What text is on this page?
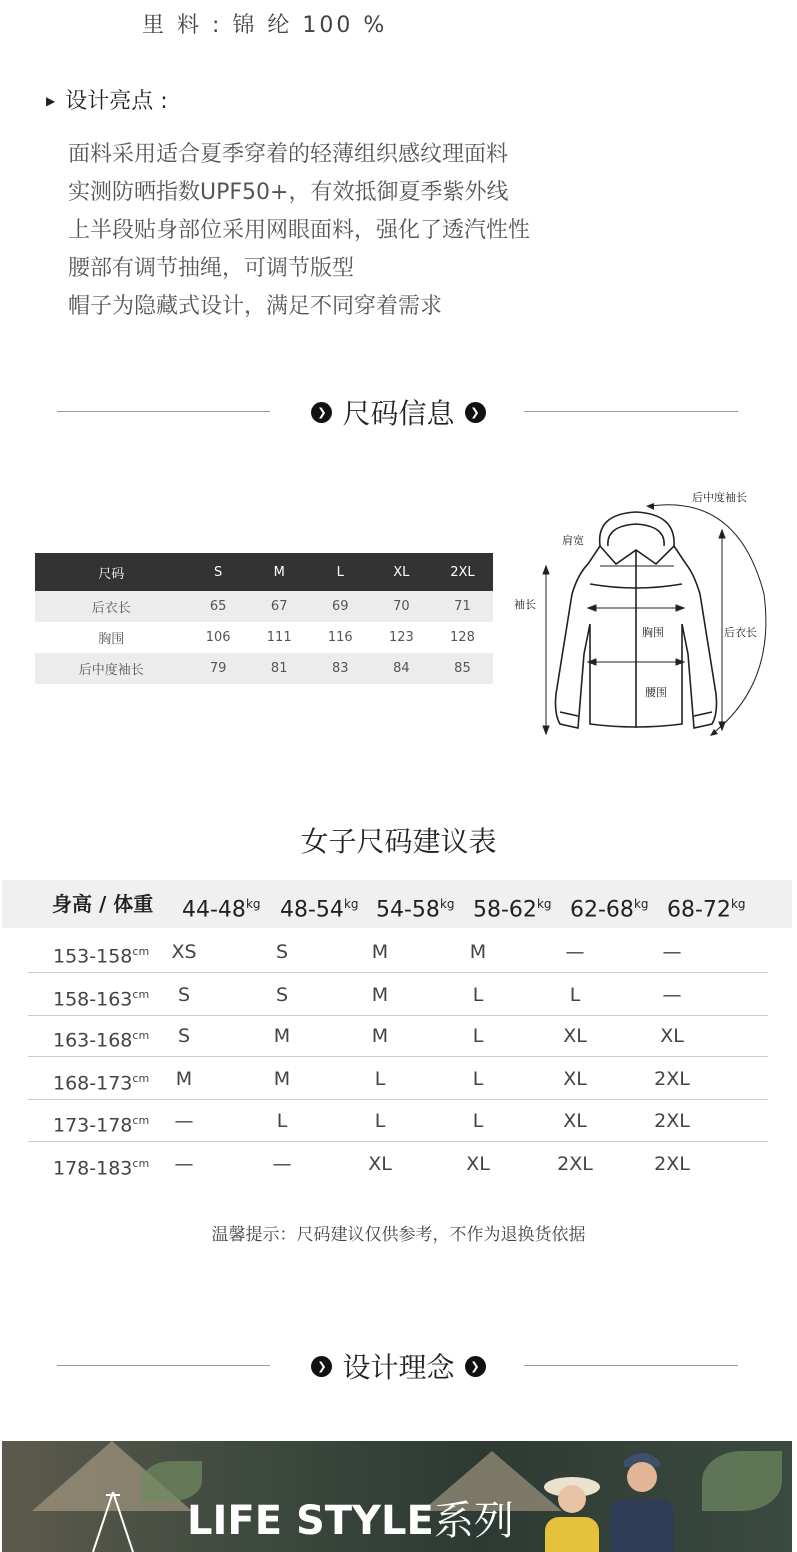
里 料 : 锦 纶 100 %
▶ 设计亮点 :
面料采用适合夏季穿着的轻薄组织感纹理面料
实测防晒指数UPF50+，有效抵御夏季紫外线
上半段贴身部位采用网眼面料，强化了透汽性性
腰部有调节抽绳，可调节版型
帽子为隐藏式设计，满足不同穿着需求
❯ 尺码信息 ❯
尺码	S	M	L	XL	2XL
后衣长	65	67	69	70	71
胸围	106	111	116	123	128
后中度袖长	79	81	83	84	85
后中度袖长
肩宽
袖长
胸围	后衣长
腰围
女子尺码建议表
身高 / 体重 $44-48^{kg}$ $48-54^{kg}$ $54-58^{kg}$ $58-62^{kg}$ $62-68^{kg}$ $68-72^{kg}$
$153-158^{cm}$	XS	S	M	M	—	—
$158-163^{cm}$	S	S	M	L	L	—
$163-168^{cm}$	S	M	M	L	XL	XL
$168-173^{cm}$	M	M	L	L	XL	2XL
$173-178^{cm}$	—	L	L	L	XL	2XL
$178-183^{cm}$	—	—	XL	XL	2XL	2XL
温馨提示：尺码建议仅供参考，不作为退换货依据
❯ 设计理念 ❯
LIFE STYLE系列
